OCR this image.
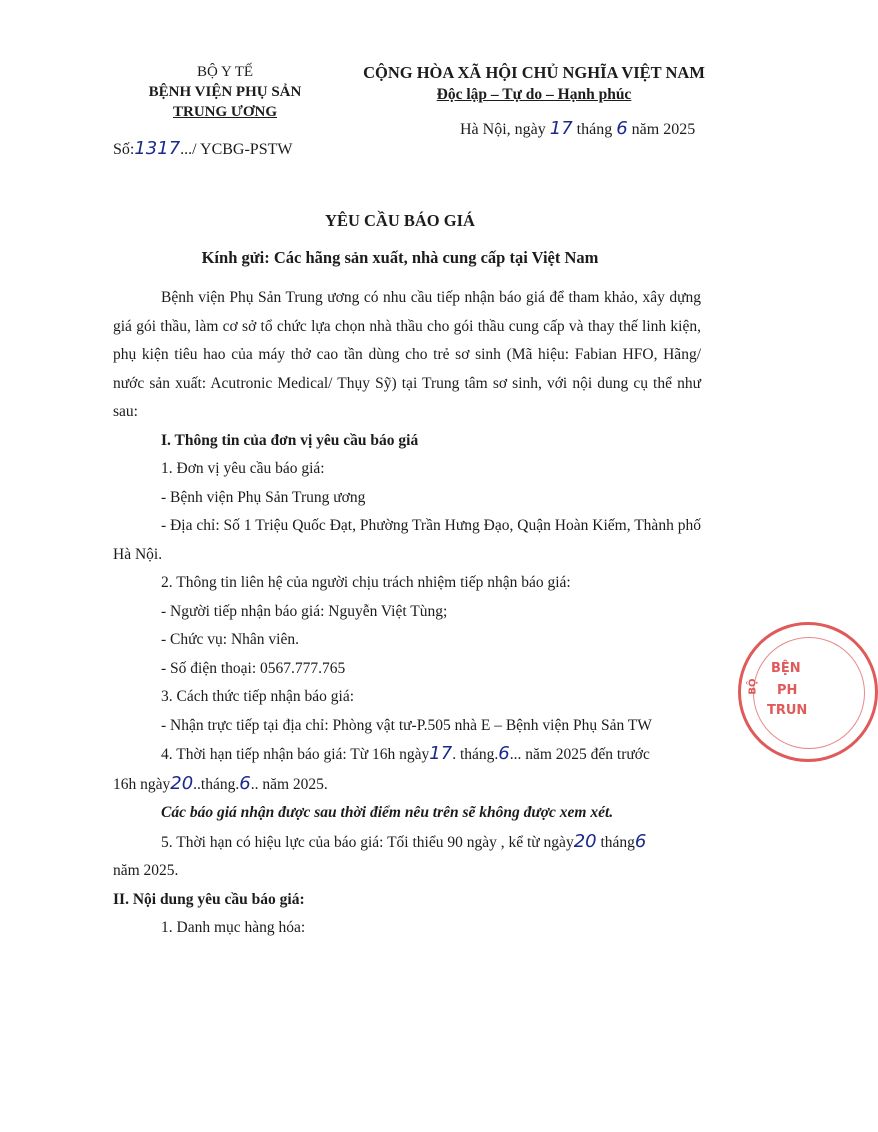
BỘ Y TẾ
BỆNH VIỆN PHỤ SẢN
TRUNG ƯƠNG
CỘNG HÒA XÃ HỘI CHỦ NGHĨA VIỆT NAM
Độc lập – Tự do – Hạnh phúc
Hà Nội, ngày 17 tháng 6 năm 2025
Số:1317.../ YCBG-PSTW
YÊU CẦU BÁO GIÁ
Kính gửi: Các hãng sản xuất, nhà cung cấp tại Việt Nam

Bệnh viện Phụ Sản Trung ương có nhu cầu tiếp nhận báo giá để tham khảo, xây dựng giá gói thầu, làm cơ sở tổ chức lựa chọn nhà thầu cho gói thầu cung cấp và thay thế linh kiện, phụ kiện tiêu hao của máy thở cao tần dùng cho trẻ sơ sinh (Mã hiệu: Fabian HFO, Hãng/ nước sản xuất: Acutronic Medical/ Thụy Sỹ) tại Trung tâm sơ sinh, với nội dung cụ thể như sau:

I. Thông tin của đơn vị yêu cầu báo giá

1. Đơn vị yêu cầu báo giá:

- Bệnh viện Phụ Sản Trung ương

- Địa chỉ: Số 1 Triệu Quốc Đạt, Phường Trần Hưng Đạo, Quận Hoàn Kiếm, Thành phố Hà Nội.

2. Thông tin liên hệ của người chịu trách nhiệm tiếp nhận báo giá:

- Người tiếp nhận báo giá: Nguyễn Việt Tùng;

- Chức vụ: Nhân viên.

- Số điện thoại: 0567.777.765

3. Cách thức tiếp nhận báo giá:

- Nhận trực tiếp tại địa chỉ: Phòng vật tư-P.505 nhà E – Bệnh viện Phụ Sản TW

4. Thời hạn tiếp nhận báo giá: Từ 16h ngày17. tháng.6... năm 2025 đến trước

16h ngày20..tháng.6.. năm 2025.

Các báo giá nhận được sau thời điểm nêu trên sẽ không được xem xét.

5. Thời hạn có hiệu lực của báo giá: Tối thiểu 90 ngày , kể từ ngày20 tháng6

năm 2025.

II. Nội dung yêu cầu báo giá:

1. Danh mục hàng hóa:

BỆN
PH
TRUN
BỘ
